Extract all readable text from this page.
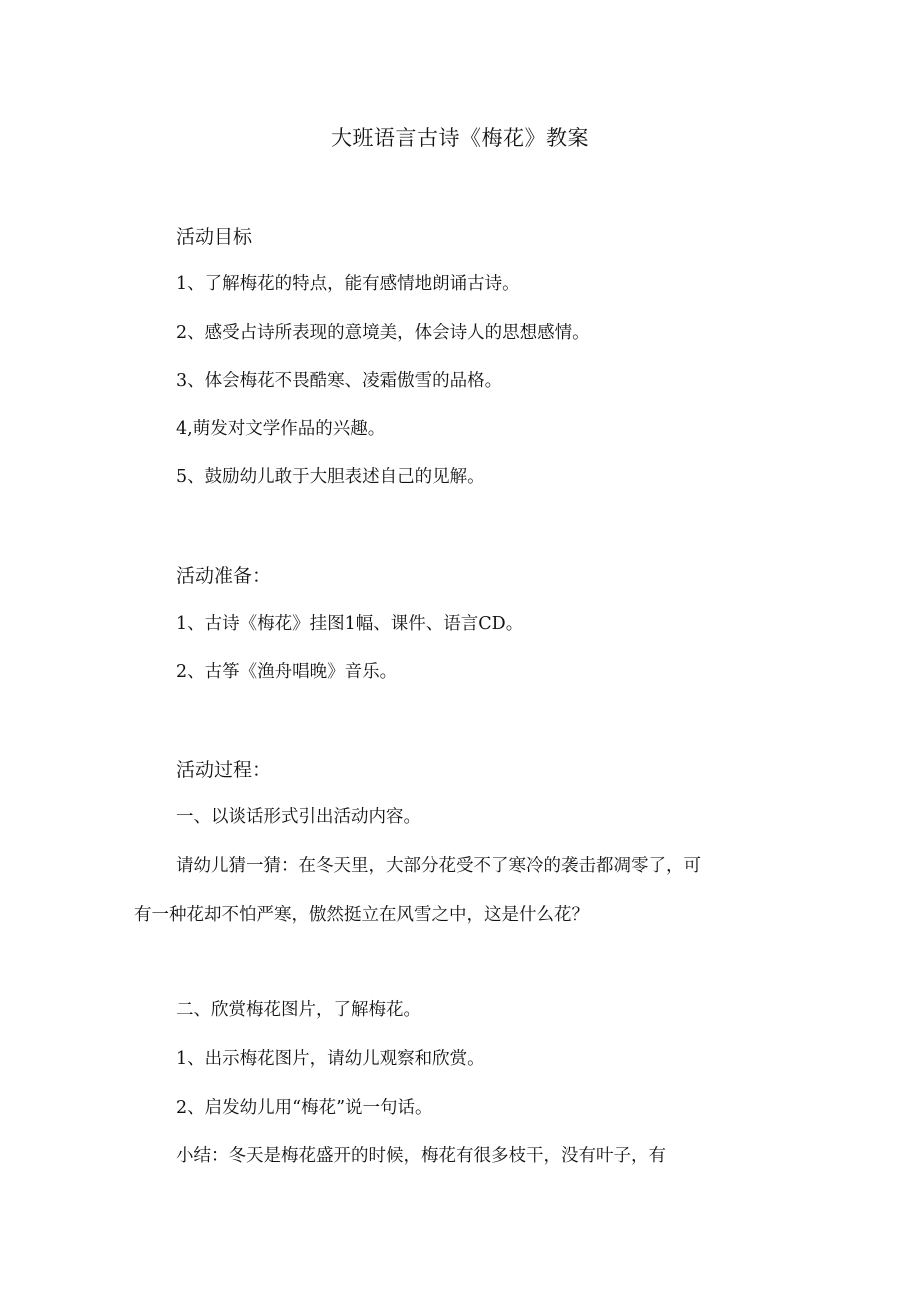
大班语言古诗《梅花》教案
活动目标
1、了解梅花的特点，能有感情地朗诵古诗。
2、感受占诗所表现的意境美，体会诗人的思想感情。
3、体会梅花不畏酷寒、凌霜傲雪的品格。
4,萌发对文学作品的兴趣。
5、鼓励幼儿敢于大胆表述自己的见解。
活动准备：
1、古诗《梅花》挂图1幅、课件、语言CD。
2、古筝《渔舟唱晚》音乐。
活动过程：
一、以谈话形式引出活动内容。
请幼儿猜一猜：在冬天里，大部分花受不了寒冷的袭击都凋零了，可
有一种花却不怕严寒，傲然挺立在风雪之中，这是什么花？
二、欣赏梅花图片，了解梅花。
1、出示梅花图片，请幼儿观察和欣赏。
2、启发幼儿用“梅花”说一句话。
小结：冬天是梅花盛开的时候，梅花有很多枝干，没有叶子，有
